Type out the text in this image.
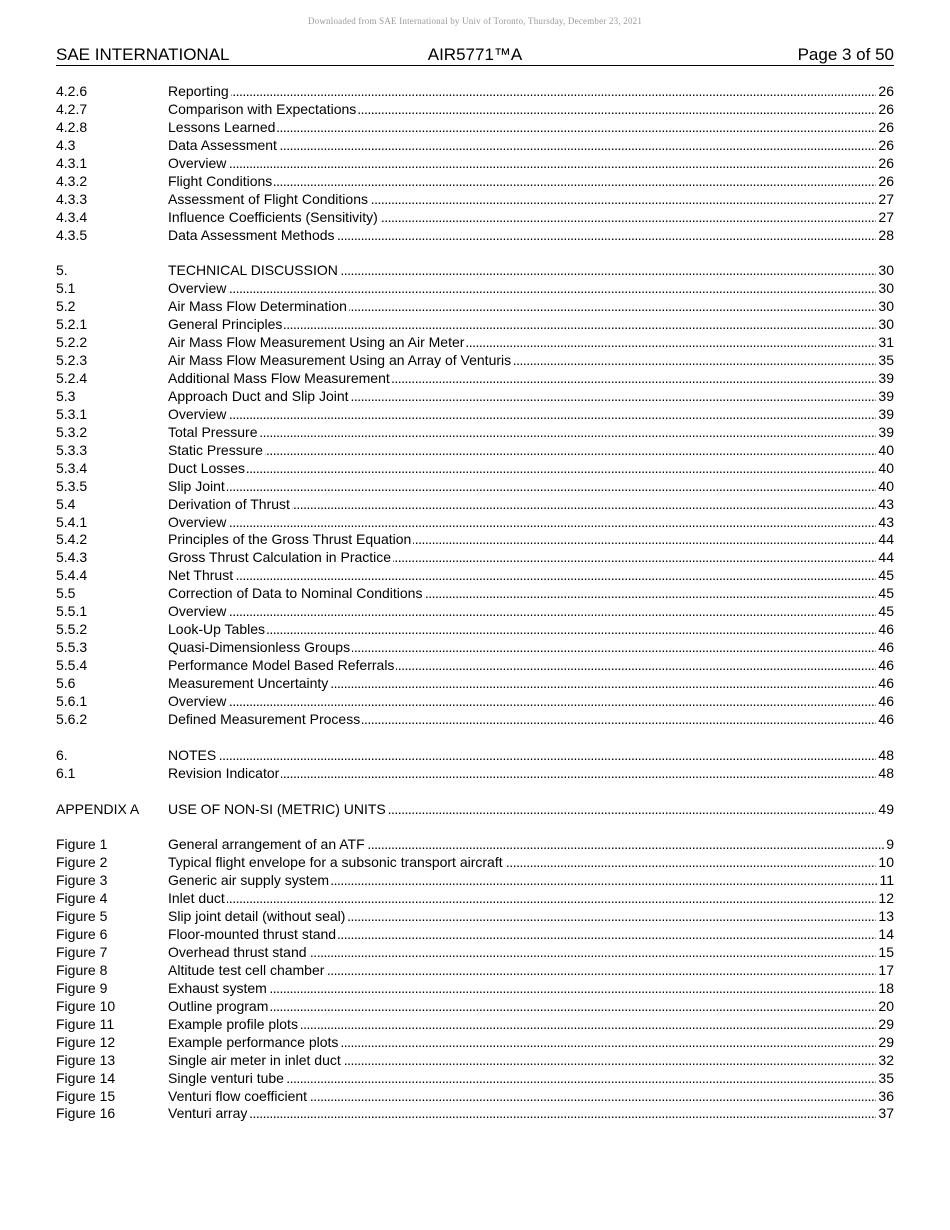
Downloaded from SAE International by Univ of Toronto, Thursday, December 23, 2021
SAE INTERNATIONAL	AIR5771™A	Page 3 of 50
4.2.6	Reporting	26
. . .
4.2.7	Comparison with Expectations	26
. . .
4.2.8	Lessons Learned	26
. . .
4.3	Data Assessment	26
. . .
4.3.1	Overview	26
. . .
4.3.2	Flight Conditions	26
. . .
4.3.3	Assessment of Flight Conditions	27
. . .
4.3.4	Influence Coefficients (Sensitivity)	27
. . .
4.3.5	Data Assessment Methods	28
. . .
5.	TECHNICAL DISCUSSION	30
. . .
5.1	Overview	30
. . .
5.2	Air Mass Flow Determination	30
. . .
5.2.1	General Principles	30
. . .
5.2.2	Air Mass Flow Measurement Using an Air Meter	31
. . .
5.2.3	Air Mass Flow Measurement Using an Array of Venturis	35
. . .
5.2.4	Additional Mass Flow Measurement	39
. . .
5.3	Approach Duct and Slip Joint	39
. . .
5.3.1	Overview	39
. . .
5.3.2	Total Pressure	39
. . .
5.3.3	Static Pressure	40
. . .
5.3.4	Duct Losses	40
. . .
5.3.5	Slip Joint	40
. . .
5.4	Derivation of Thrust	43
. . .
5.4.1	Overview	43
. . .
5.4.2	Principles of the Gross Thrust Equation	44
. . .
5.4.3	Gross Thrust Calculation in Practice	44
. . .
5.4.4	Net Thrust	45
. . .
5.5	Correction of Data to Nominal Conditions	45
. . .
5.5.1	Overview	45
. . .
5.5.2	Look-Up Tables	46
. . .
5.5.3	Quasi-Dimensionless Groups	46
. . .
5.5.4	Performance Model Based Referrals	46
. . .
5.6	Measurement Uncertainty	46
. . .
5.6.1	Overview	46
. . .
5.6.2	Defined Measurement Process	46
. . .
6.	NOTES	48
. . .
6.1	Revision Indicator	48
. . .
APPENDIX A USE OF NON-SI (METRIC) UNITS	49
. . .
Figure 1	General arrangement of an ATF	9
. . .
Figure 2	Typical flight envelope for a subsonic transport aircraft	10
. . .
Figure 3	Generic air supply system	11
. . .
Figure 4	Inlet duct	12
. . .
Figure 5	Slip joint detail (without seal)	13
. . .
Figure 6	Floor-mounted thrust stand	14
. . .
Figure 7	Overhead thrust stand	15
. . .
Figure 8	Altitude test cell chamber	17
. . .
Figure 9	Exhaust system	18
. . .
Figure 10	Outline program	20
. . .
Figure 11	Example profile plots	29
. . .
Figure 12	Example performance plots	29
. . .
Figure 13	Single air meter in inlet duct	32
. . .
Figure 14	Single venturi tube	35
. . .
Figure 15	Venturi flow coefficient	36
. . .
Figure 16	Venturi array	37
. . .
